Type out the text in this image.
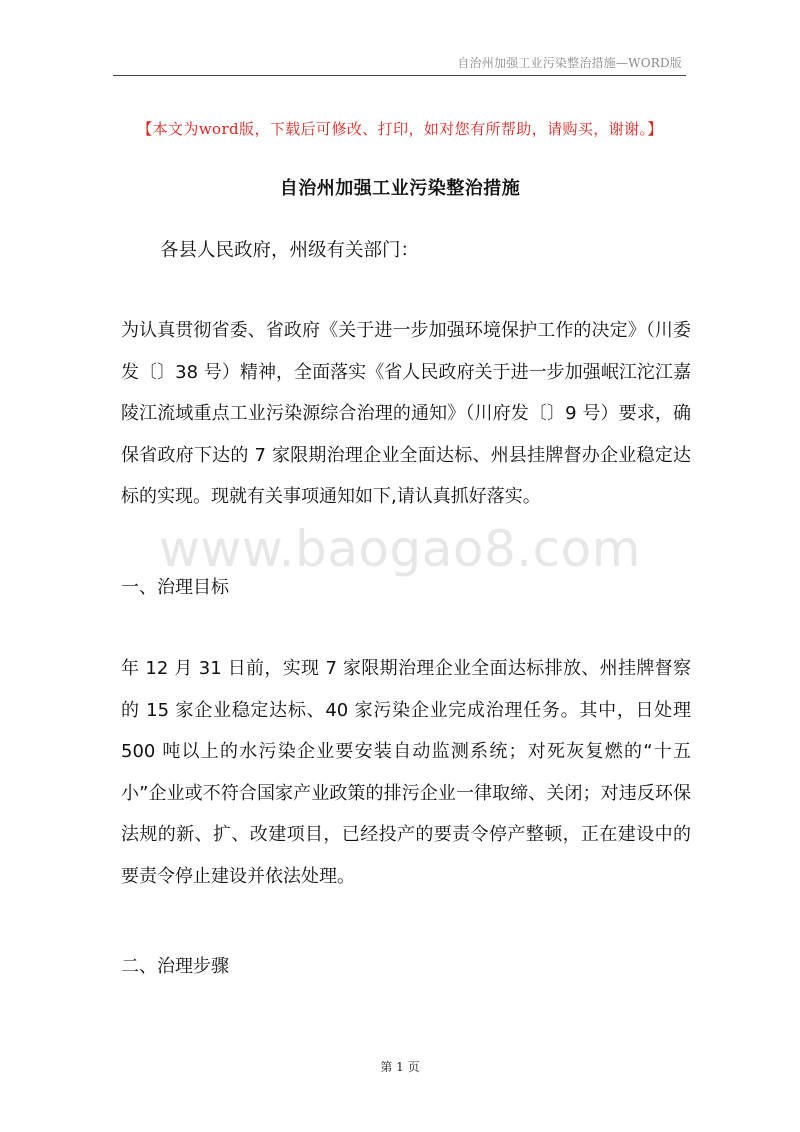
自治州加强工业污染整治措施—WORD版
【本文为word版，下载后可修改、打印，如对您有所帮助，请购买，谢谢。】
自治州加强工业污染整治措施
各县人民政府，州级有关部门：
为认真贯彻省委、省政府《关于进一步加强环境保护工作的决定》（川委发〔〕38 号）精神，全面落实《省人民政府关于进一步加强岷江沱江嘉陵江流域重点工业污染源综合治理的通知》（川府发〔〕9 号）要求，确保省政府下达的 7 家限期治理企业全面达标、州县挂牌督办企业稳定达标的实现。现就有关事项通知如下,请认真抓好落实。
www.baogao8.com
一、治理目标
年 12 月 31 日前，实现 7 家限期治理企业全面达标排放、州挂牌督察的 15 家企业稳定达标、40 家污染企业完成治理任务。其中，日处理500 吨以上的水污染企业要安装自动监测系统；对死灰复燃的“十五小”企业或不符合国家产业政策的排污企业一律取缔、关闭；对违反环保法规的新、扩、改建项目，已经投产的要责令停产整顿，正在建设中的要责令停止建设并依法处理。
二、治理步骤
第 1 页
